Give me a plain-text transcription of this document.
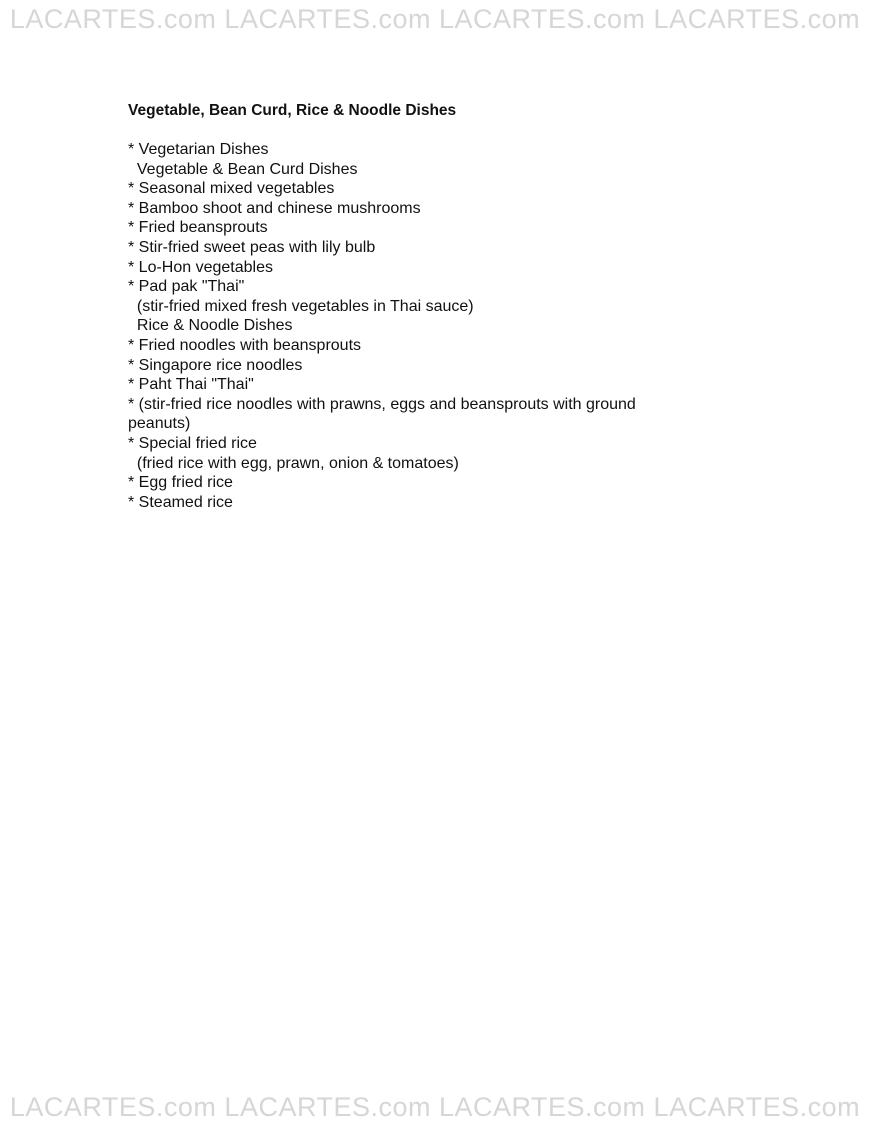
LACARTES.com LACARTES.com LACARTES.com LACARTES.com
Vegetable, Bean Curd, Rice & Noodle Dishes
* Vegetarian Dishes
Vegetable & Bean Curd Dishes
* Seasonal mixed vegetables
* Bamboo shoot and chinese mushrooms
* Fried beansprouts
* Stir-fried sweet peas with lily bulb
* Lo-Hon vegetables
* Pad pak "Thai"
(stir-fried mixed fresh vegetables in Thai sauce)
Rice & Noodle Dishes
* Fried noodles with beansprouts
* Singapore rice noodles
* Paht Thai "Thai"
* (stir-fried rice noodles with prawns, eggs and beansprouts with ground
peanuts)
* Special fried rice
(fried rice with egg, prawn, onion & tomatoes)
* Egg fried rice
* Steamed rice
LACARTES.com LACARTES.com LACARTES.com LACARTES.com
